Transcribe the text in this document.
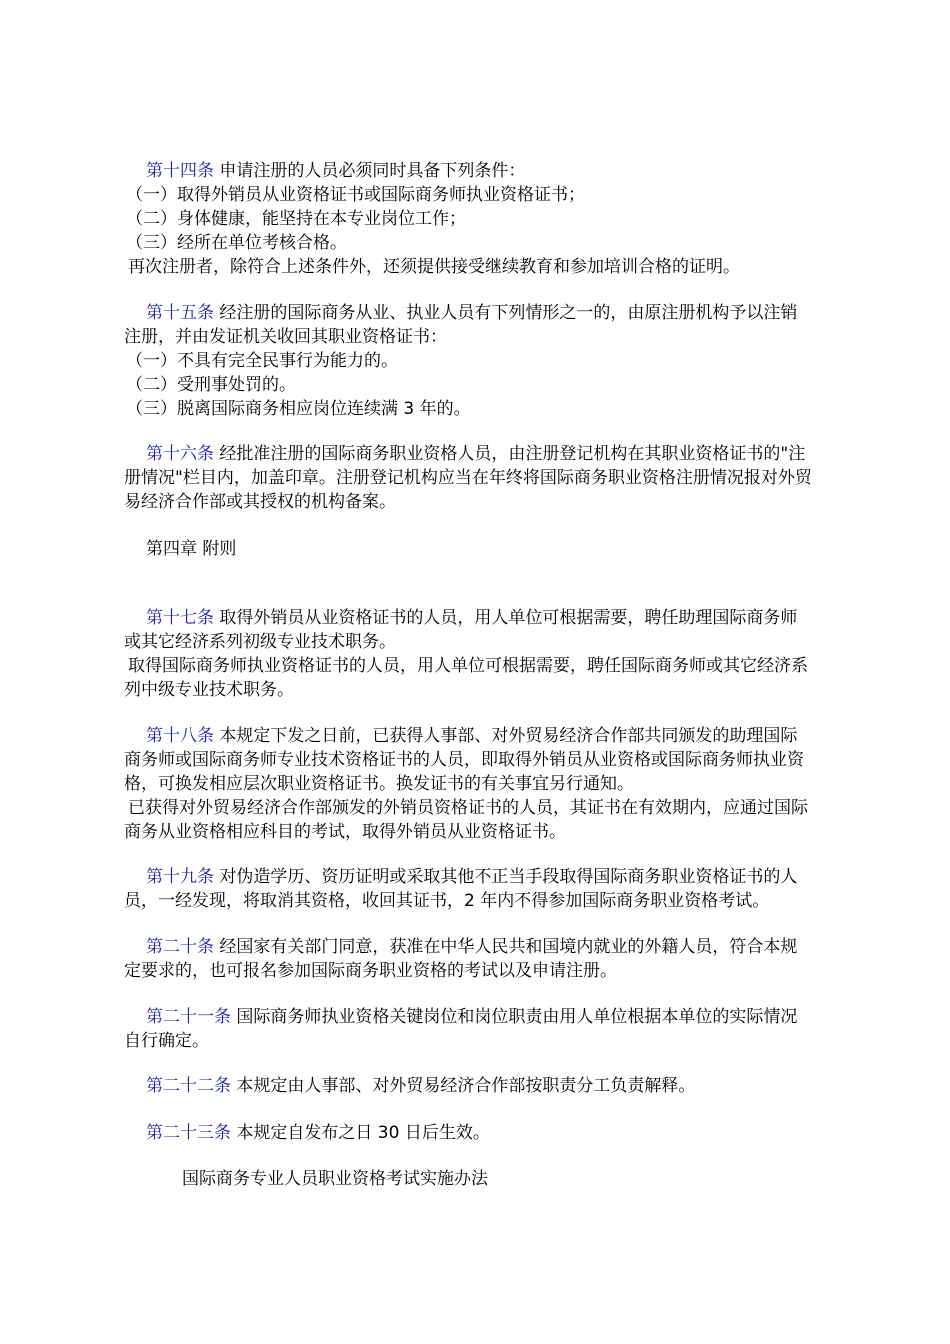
第十四条 申请注册的人员必须同时具备下列条件：
（一）取得外销员从业资格证书或国际商务师执业资格证书；
（二）身体健康，能坚持在本专业岗位工作；
（三）经所在单位考核合格。
再次注册者，除符合上述条件外，还须提供接受继续教育和参加培训合格的证明。
第十五条 经注册的国际商务从业、执业人员有下列情形之一的，由原注册机构予以注销
注册，并由发证机关收回其职业资格证书：
（一）不具有完全民事行为能力的。
（二）受刑事处罚的。
（三）脱离国际商务相应岗位连续满 3 年的。
第十六条 经批准注册的国际商务职业资格人员，由注册登记机构在其职业资格证书的"注
册情况"栏目内，加盖印章。注册登记机构应当在年终将国际商务职业资格注册情况报对外贸
易经济合作部或其授权的机构备案。
第四章 附则
第十七条 取得外销员从业资格证书的人员，用人单位可根据需要，聘任助理国际商务师
或其它经济系列初级专业技术职务。
取得国际商务师执业资格证书的人员，用人单位可根据需要，聘任国际商务师或其它经济系
列中级专业技术职务。
第十八条 本规定下发之日前，已获得人事部、对外贸易经济合作部共同颁发的助理国际
商务师或国际商务师专业技术资格证书的人员，即取得外销员从业资格或国际商务师执业资
格，可换发相应层次职业资格证书。换发证书的有关事宜另行通知。
已获得对外贸易经济合作部颁发的外销员资格证书的人员，其证书在有效期内，应通过国际
商务从业资格相应科目的考试，取得外销员从业资格证书。
第十九条 对伪造学历、资历证明或采取其他不正当手段取得国际商务职业资格证书的人
员，一经发现，将取消其资格，收回其证书，2 年内不得参加国际商务职业资格考试。
第二十条 经国家有关部门同意，获准在中华人民共和国境内就业的外籍人员，符合本规
定要求的，也可报名参加国际商务职业资格的考试以及申请注册。
第二十一条 国际商务师执业资格关键岗位和岗位职责由用人单位根据本单位的实际情况
自行确定。
第二十二条 本规定由人事部、对外贸易经济合作部按职责分工负责解释。
第二十三条 本规定自发布之日 30 日后生效。
国际商务专业人员职业资格考试实施办法
